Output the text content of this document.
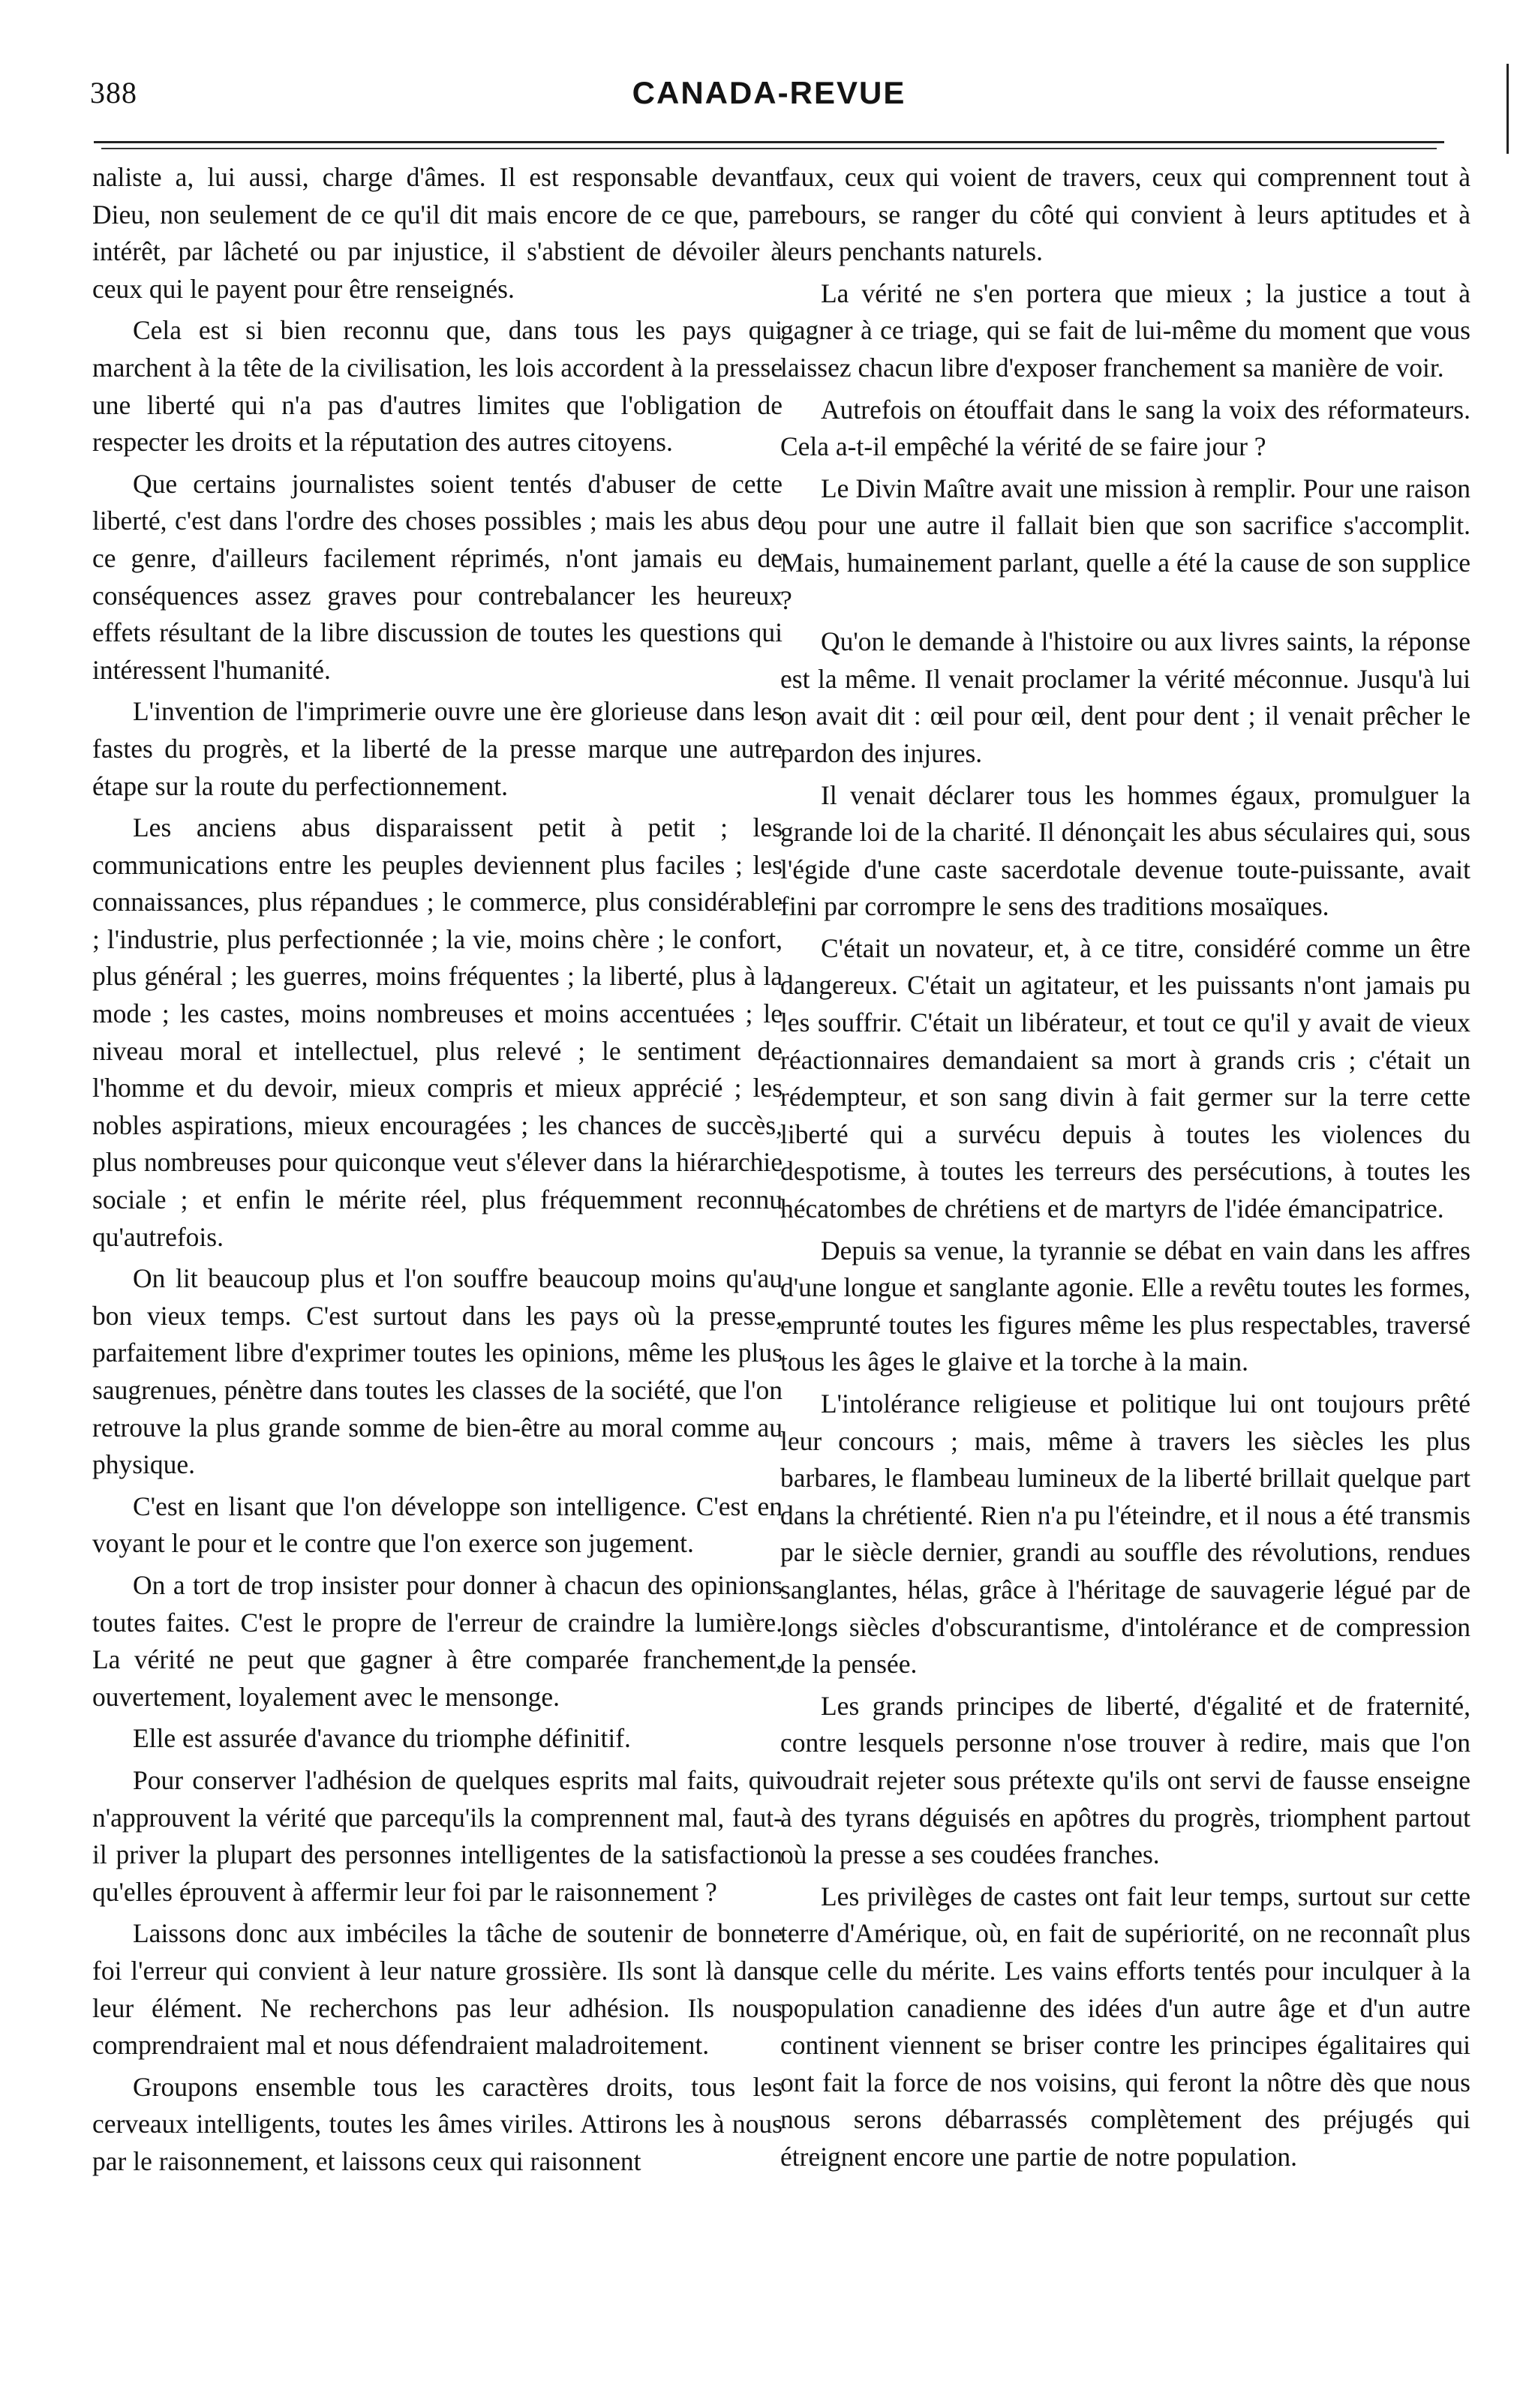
388	CANADA-REVUE

naliste a, lui aussi, charge d'âmes. Il est responsable devant Dieu, non seulement de ce qu'il dit mais encore de ce que, par intérêt, par lâcheté ou par injustice, il s'abstient de dévoiler à ceux qui le payent pour être renseignés.

Cela est si bien reconnu que, dans tous les pays qui marchent à la tête de la civilisation, les lois accordent à la presse une liberté qui n'a pas d'autres limites que l'obligation de respecter les droits et la réputation des autres citoyens.

Que certains journalistes soient tentés d'abuser de cette liberté, c'est dans l'ordre des choses possibles ; mais les abus de ce genre, d'ailleurs facilement réprimés, n'ont jamais eu de conséquences assez graves pour contrebalancer les heureux effets résultant de la libre discussion de toutes les questions qui intéressent l'humanité.

L'invention de l'imprimerie ouvre une ère glorieuse dans les fastes du progrès, et la liberté de la presse marque une autre étape sur la route du perfectionnement.

Les anciens abus disparaissent petit à petit ; les communications entre les peuples deviennent plus faciles ; les connaissances, plus répandues ; le commerce, plus considérable ; l'industrie, plus perfectionnée ; la vie, moins chère ; le confort, plus général ; les guerres, moins fréquentes ; la liberté, plus à la mode ; les castes, moins nombreuses et moins accentuées ; le niveau moral et intellectuel, plus relevé ; le sentiment de l'homme et du devoir, mieux compris et mieux apprécié ; les nobles aspirations, mieux encouragées ; les chances de succès, plus nombreuses pour quiconque veut s'élever dans la hiérarchie sociale ; et enfin le mérite réel, plus fréquemment reconnu qu'autrefois.

On lit beaucoup plus et l'on souffre beaucoup moins qu'au bon vieux temps. C'est surtout dans les pays où la presse, parfaitement libre d'exprimer toutes les opinions, même les plus saugrenues, pénètre dans toutes les classes de la société, que l'on retrouve la plus grande somme de bien-être au moral comme au physique.

C'est en lisant que l'on développe son intelligence. C'est en voyant le pour et le contre que l'on exerce son jugement.

On a tort de trop insister pour donner à chacun des opinions toutes faites. C'est le propre de l'erreur de craindre la lumière. La vérité ne peut que gagner à être comparée franchement, ouvertement, loyalement avec le mensonge.

Elle est assurée d'avance du triomphe définitif.

Pour conserver l'adhésion de quelques esprits mal faits, qui n'approuvent la vérité que parcequ'ils la comprennent mal, faut-il priver la plupart des personnes intelligentes de la satisfaction qu'elles éprouvent à affermir leur foi par le raisonnement ?

Laissons donc aux imbéciles la tâche de soutenir de bonne foi l'erreur qui convient à leur nature grossière. Ils sont là dans leur élément. Ne recherchons pas leur adhésion. Ils nous comprendraient mal et nous défendraient maladroitement.

Groupons ensemble tous les caractères droits, tous les cerveaux intelligents, toutes les âmes viriles. Attirons les à nous par le raisonnement, et laissons ceux qui raisonnent

faux, ceux qui voient de travers, ceux qui comprennent tout à rebours, se ranger du côté qui convient à leurs aptitudes et à leurs penchants naturels.

La vérité ne s'en portera que mieux ; la justice a tout à gagner à ce triage, qui se fait de lui-même du moment que vous laissez chacun libre d'exposer franchement sa manière de voir.

Autrefois on étouffait dans le sang la voix des réformateurs. Cela a-t-il empêché la vérité de se faire jour ?

Le Divin Maître avait une mission à remplir. Pour une raison ou pour une autre il fallait bien que son sacrifice s'accomplit. Mais, humainement parlant, quelle a été la cause de son supplice ?

Qu'on le demande à l'histoire ou aux livres saints, la réponse est la même. Il venait proclamer la vérité méconnue. Jusqu'à lui on avait dit : œil pour œil, dent pour dent ; il venait prêcher le pardon des injures.

Il venait déclarer tous les hommes égaux, promulguer la grande loi de la charité. Il dénonçait les abus séculaires qui, sous l'égide d'une caste sacerdotale devenue toute-puissante, avait fini par corrompre le sens des traditions mosaïques.

C'était un novateur, et, à ce titre, considéré comme un être dangereux. C'était un agitateur, et les puissants n'ont jamais pu les souffrir. C'était un libérateur, et tout ce qu'il y avait de vieux réactionnaires demandaient sa mort à grands cris ; c'était un rédempteur, et son sang divin à fait germer sur la terre cette liberté qui a survécu depuis à toutes les violences du despotisme, à toutes les terreurs des persécutions, à toutes les hécatombes de chrétiens et de martyrs de l'idée émancipatrice.

Depuis sa venue, la tyrannie se débat en vain dans les affres d'une longue et sanglante agonie. Elle a revêtu toutes les formes, emprunté toutes les figures même les plus respectables, traversé tous les âges le glaive et la torche à la main.

L'intolérance religieuse et politique lui ont toujours prêté leur concours ; mais, même à travers les siècles les plus barbares, le flambeau lumineux de la liberté brillait quelque part dans la chrétienté. Rien n'a pu l'éteindre, et il nous a été transmis par le siècle dernier, grandi au souffle des révolutions, rendues sanglantes, hélas, grâce à l'héritage de sauvagerie légué par de longs siècles d'obscurantisme, d'intolérance et de compression de la pensée.

Les grands principes de liberté, d'égalité et de fraternité, contre lesquels personne n'ose trouver à redire, mais que l'on voudrait rejeter sous prétexte qu'ils ont servi de fausse enseigne à des tyrans déguisés en apôtres du progrès, triomphent partout où la presse a ses coudées franches.

Les privilèges de castes ont fait leur temps, surtout sur cette terre d'Amérique, où, en fait de supériorité, on ne reconnaît plus que celle du mérite. Les vains efforts tentés pour inculquer à la population canadienne des idées d'un autre âge et d'un autre continent viennent se briser contre les principes égalitaires qui ont fait la force de nos voisins, qui feront la nôtre dès que nous nous serons débarrassés complètement des préjugés qui étreignent encore une partie de notre population.
